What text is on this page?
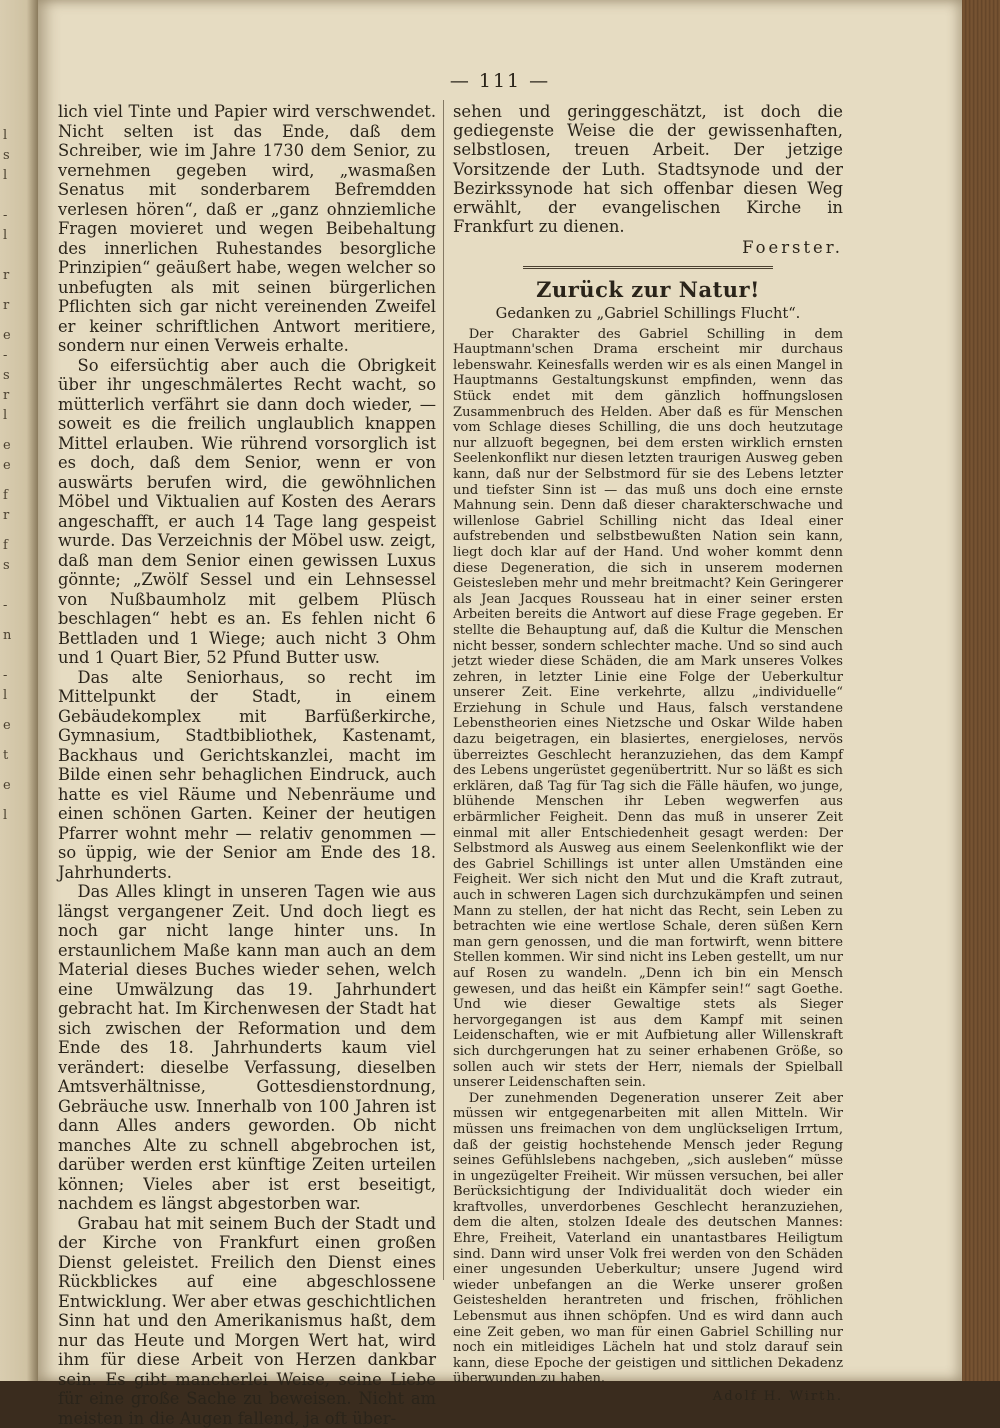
l
s
l
-
l
r
r
e
-
s
r
l
e
e
f
r
f
s
-
n
-
l
e
t
e
l
— 111 —

lich viel Tinte und Papier wird verschwendet. Nicht selten ist das Ende, daß dem Schreiber, wie im Jahre 1730 dem Senior, zu vernehmen gegeben wird, „wasmaßen Senatus mit sonderbarem Befremdden verlesen hören“, daß er „ganz ohnziemliche Fragen movieret und wegen Beibehaltung des innerlichen Ruhestandes besorgliche Prinzipien“ geäußert habe, wegen welcher so unbefugten als mit seinen bürgerlichen Pflichten sich gar nicht vereinenden Zweifel er keiner schriftlichen Antwort meritiere, sondern nur einen Verweis erhalte.

So eifersüchtig aber auch die Obrigkeit über ihr ungeschmälertes Recht wacht, so mütterlich verfährt sie dann doch wieder, — soweit es die freilich unglaublich knappen Mittel erlauben. Wie rührend vorsorglich ist es doch, daß dem Senior, wenn er von auswärts berufen wird, die gewöhnlichen Möbel und Viktualien auf Kosten des Aerars angeschafft, er auch 14 Tage lang gespeist wurde. Das Verzeichnis der Möbel usw. zeigt, daß man dem Senior einen gewissen Luxus gönnte; „Zwölf Sessel und ein Lehnsessel von Nußbaumholz mit gelbem Plüsch beschlagen“ hebt es an. Es fehlen nicht 6 Bettladen und 1 Wiege; auch nicht 3 Ohm und 1 Quart Bier, 52 Pfund Butter usw.

Das alte Seniorhaus, so recht im Mittelpunkt der Stadt, in einem Gebäudekomplex mit Barfüßerkirche, Gymnasium, Stadtbibliothek, Kastenamt, Backhaus und Gerichtskanzlei, macht im Bilde einen sehr behaglichen Eindruck, auch hatte es viel Räume und Nebenräume und einen schönen Garten. Keiner der heutigen Pfarrer wohnt mehr — relativ genommen — so üppig, wie der Senior am Ende des 18. Jahrhunderts.

Das Alles klingt in unseren Tagen wie aus längst vergangener Zeit. Und doch liegt es noch gar nicht lange hinter uns. In erstaunlichem Maße kann man auch an dem Material dieses Buches wieder sehen, welch eine Umwälzung das 19. Jahrhundert gebracht hat. Im Kirchenwesen der Stadt hat sich zwischen der Reformation und dem Ende des 18. Jahrhunderts kaum viel verändert: dieselbe Verfassung, dieselben Amtsverhältnisse, Gottesdienstordnung, Gebräuche usw. Innerhalb von 100 Jahren ist dann Alles anders geworden. Ob nicht manches Alte zu schnell abgebrochen ist, darüber werden erst künftige Zeiten urteilen können; Vieles aber ist erst beseitigt, nachdem es längst abgestorben war.

Grabau hat mit seinem Buch der Stadt und der Kirche von Frankfurt einen großen Dienst geleistet. Freilich den Dienst eines Rückblickes auf eine abgeschlossene Entwicklung. Wer aber etwas geschichtlichen Sinn hat und den Amerikanismus haßt, dem nur das Heute und Morgen Wert hat, wird ihm für diese Arbeit von Herzen dankbar sein. Es gibt mancherlei Weise, seine Liebe für eine große Sache zu beweisen. Nicht am meisten in die Augen fallend, ja oft über-

sehen und geringgeschätzt, ist doch die gediegenste Weise die der gewissenhaften, selbstlosen, treuen Arbeit. Der jetzige Vorsitzende der Luth. Stadtsynode und der Bezirkssynode hat sich offenbar diesen Weg erwählt, der evangelischen Kirche in Frankfurt zu dienen.

Foerster.
Zurück zur Natur!
Gedanken zu „Gabriel Schillings Flucht“.

Der Charakter des Gabriel Schilling in dem Hauptmann'schen Drama erscheint mir durchaus lebenswahr. Keinesfalls werden wir es als einen Mangel in Hauptmanns Gestaltungskunst empfinden, wenn das Stück endet mit dem gänzlich hoffnungslosen Zusammenbruch des Helden. Aber daß es für Menschen vom Schlage dieses Schilling, die uns doch heutzutage nur allzuoft begegnen, bei dem ersten wirklich ernsten Seelenkonflikt nur diesen letzten traurigen Ausweg geben kann, daß nur der Selbstmord für sie des Lebens letzter und tiefster Sinn ist — das muß uns doch eine ernste Mahnung sein. Denn daß dieser charakterschwache und willenlose Gabriel Schilling nicht das Ideal einer aufstrebenden und selbstbewußten Nation sein kann, liegt doch klar auf der Hand. Und woher kommt denn diese Degeneration, die sich in unserem modernen Geistesleben mehr und mehr breitmacht? Kein Geringerer als Jean Jacques Rousseau hat in einer seiner ersten Arbeiten bereits die Antwort auf diese Frage gegeben. Er stellte die Behauptung auf, daß die Kultur die Menschen nicht besser, sondern schlechter mache. Und so sind auch jetzt wieder diese Schäden, die am Mark unseres Volkes zehren, in letzter Linie eine Folge der Ueberkultur unserer Zeit. Eine verkehrte, allzu „individuelle“ Erziehung in Schule und Haus, falsch verstandene Lebenstheorien eines Nietzsche und Oskar Wilde haben dazu beigetragen, ein blasiertes, energieloses, nervös überreiztes Geschlecht heranzuziehen, das dem Kampf des Lebens ungerüstet gegenübertritt. Nur so läßt es sich erklären, daß Tag für Tag sich die Fälle häufen, wo junge, blühende Menschen ihr Leben wegwerfen aus erbärmlicher Feigheit. Denn das muß in unserer Zeit einmal mit aller Entschiedenheit gesagt werden: Der Selbstmord als Ausweg aus einem Seelenkonflikt wie der des Gabriel Schillings ist unter allen Umständen eine Feigheit. Wer sich nicht den Mut und die Kraft zutraut, auch in schweren Lagen sich durchzukämpfen und seinen Mann zu stellen, der hat nicht das Recht, sein Leben zu betrachten wie eine wertlose Schale, deren süßen Kern man gern genossen, und die man fortwirft, wenn bittere Stellen kommen. Wir sind nicht ins Leben gestellt, um nur auf Rosen zu wandeln. „Denn ich bin ein Mensch gewesen, und das heißt ein Kämpfer sein!“ sagt Goethe. Und wie dieser Gewaltige stets als Sieger hervorgegangen ist aus dem Kampf mit seinen Leidenschaften, wie er mit Aufbietung aller Willenskraft sich durchgerungen hat zu seiner erhabenen Größe, so sollen auch wir stets der Herr, niemals der Spielball unserer Leidenschaften sein.

Der zunehmenden Degeneration unserer Zeit aber müssen wir entgegenarbeiten mit allen Mitteln. Wir müssen uns freimachen von dem unglückseligen Irrtum, daß der geistig hochstehende Mensch jeder Regung seines Gefühlslebens nachgeben, „sich ausleben“ müsse in ungezügelter Freiheit. Wir müssen versuchen, bei aller Berücksichtigung der Individualität doch wieder ein kraftvolles, unverdorbenes Geschlecht heranzuziehen, dem die alten, stolzen Ideale des deutschen Mannes: Ehre, Freiheit, Vaterland ein unantastbares Heiligtum sind. Dann wird unser Volk frei werden von den Schäden einer ungesunden Ueberkultur; unsere Jugend wird wieder unbefangen an die Werke unserer großen Geisteshelden herantreten und frischen, fröhlichen Lebensmut aus ihnen schöpfen. Und es wird dann auch eine Zeit geben, wo man für einen Gabriel Schilling nur noch ein mitleidiges Lächeln hat und stolz darauf sein kann, diese Epoche der geistigen und sittlichen Dekadenz überwunden zu haben.

Adolf H. Wirth.
